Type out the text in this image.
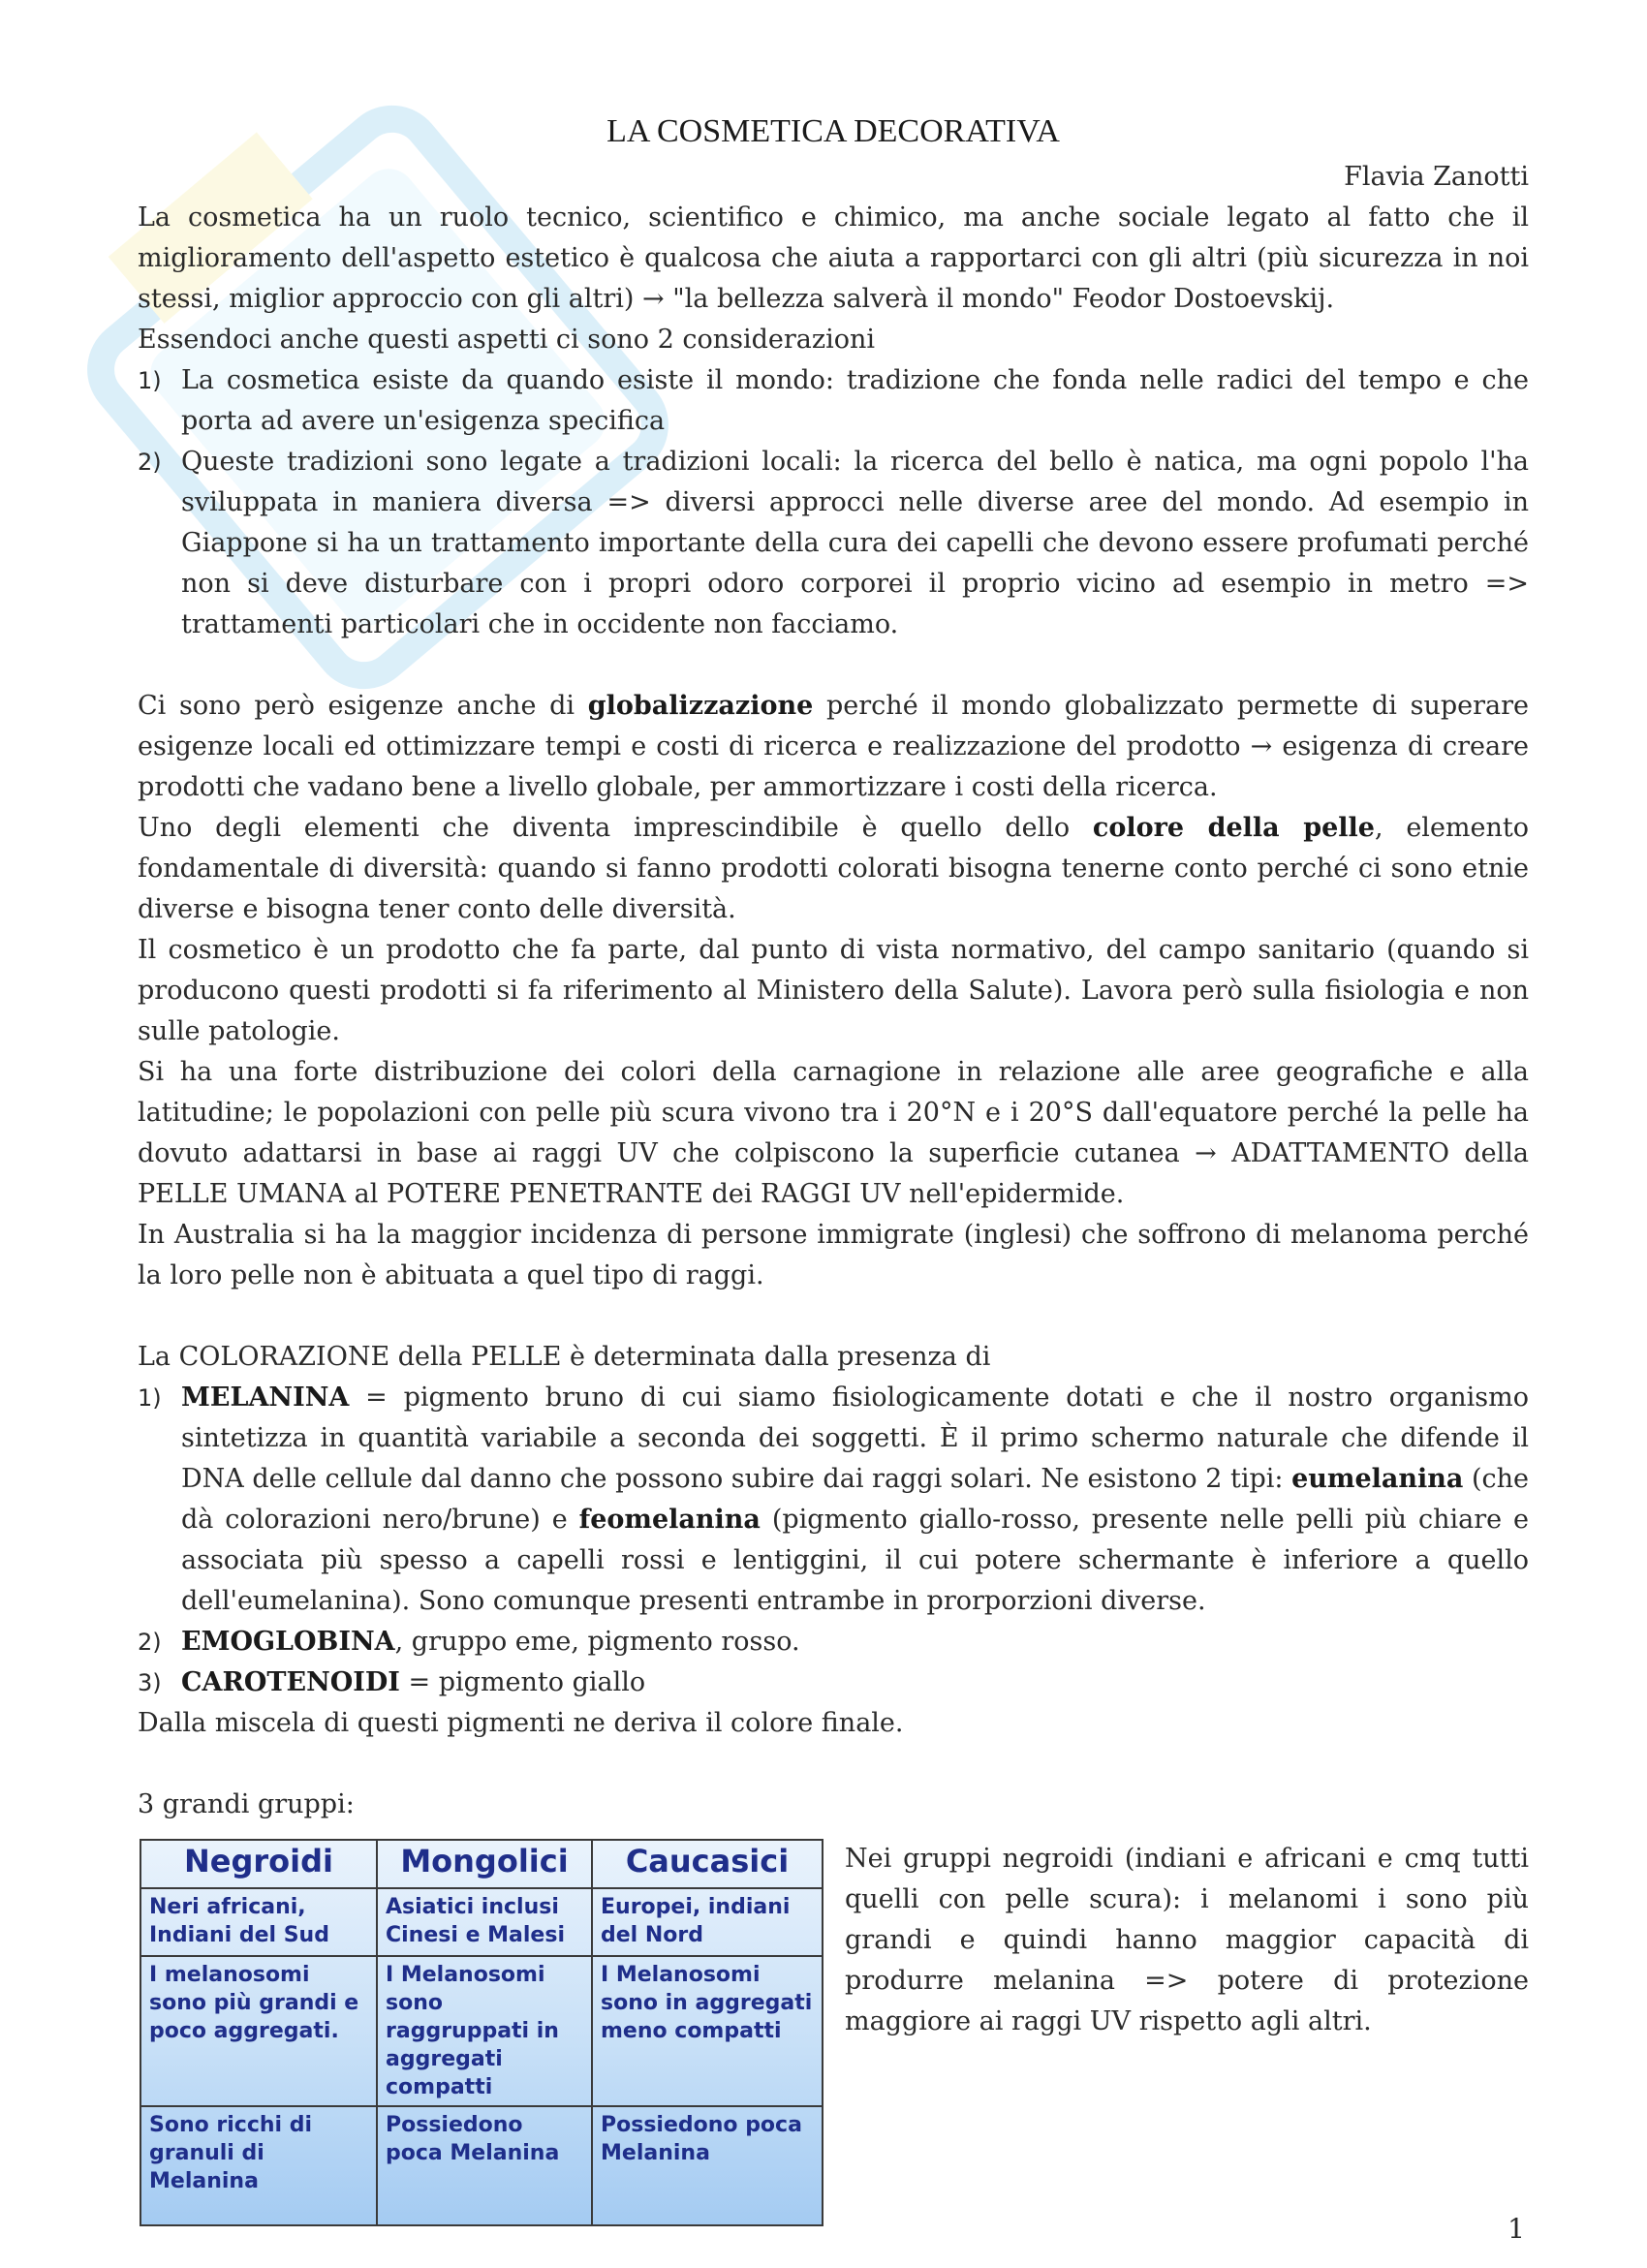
LA COSMETICA DECORATIVA

Flavia Zanotti

La cosmetica ha un ruolo tecnico, scientifico e chimico, ma anche sociale legato al fatto che il miglioramento dell'aspetto estetico è qualcosa che aiuta a rapportarci con gli altri (più sicurezza in noi stessi, miglior approccio con gli altri) → "la bellezza salverà il mondo" Feodor Dostoevskij.

Essendoci anche questi aspetti ci sono 2 considerazioni

1) La cosmetica esiste da quando esiste il mondo: tradizione che fonda nelle radici del tempo e che porta ad avere un'esigenza specifica
2) Queste tradizioni sono legate a tradizioni locali: la ricerca del bello è natica, ma ogni popolo l'ha sviluppata in maniera diversa => diversi approcci nelle diverse aree del mondo. Ad esempio in Giappone si ha un trattamento importante della cura dei capelli che devono essere profumati perché non si deve disturbare con i propri odoro corporei il proprio vicino ad esempio in metro => trattamenti particolari che in occidente non facciamo.

Ci sono però esigenze anche di globalizzazione perché il mondo globalizzato permette di superare esigenze locali ed ottimizzare tempi e costi di ricerca e realizzazione del prodotto → esigenza di creare prodotti che vadano bene a livello globale, per ammortizzare i costi della ricerca.

Uno degli elementi che diventa imprescindibile è quello dello colore della pelle, elemento fondamentale di diversità: quando si fanno prodotti colorati bisogna tenerne conto perché ci sono etnie diverse e bisogna tener conto delle diversità.

Il cosmetico è un prodotto che fa parte, dal punto di vista normativo, del campo sanitario (quando si producono questi prodotti si fa riferimento al Ministero della Salute). Lavora però sulla fisiologia e non sulle patologie.

Si ha una forte distribuzione dei colori della carnagione in relazione alle aree geografiche e alla latitudine; le popolazioni con pelle più scura vivono tra i 20°N e i 20°S dall'equatore perché la pelle ha dovuto adattarsi in base ai raggi UV che colpiscono la superficie cutanea → ADATTAMENTO della PELLE UMANA al POTERE PENETRANTE dei RAGGI UV nell'epidermide.

In Australia si ha la maggior incidenza di persone immigrate (inglesi) che soffrono di melanoma perché la loro pelle non è abituata a quel tipo di raggi.

La COLORAZIONE della PELLE è determinata dalla presenza di

1) MELANINA = pigmento bruno di cui siamo fisiologicamente dotati e che il nostro organismo sintetizza in quantità variabile a seconda dei soggetti. È il primo schermo naturale che difende il DNA delle cellule dal danno che possono subire dai raggi solari. Ne esistono 2 tipi: eumelanina (che dà colorazioni nero/brune) e feomelanina (pigmento giallo-rosso, presente nelle pelli più chiare e associata più spesso a capelli rossi e lentiggini, il cui potere schermante è inferiore a quello dell'eumelanina). Sono comunque presenti entrambe in prorporzioni diverse.
2) EMOGLOBINA, gruppo eme, pigmento rosso.
3) CAROTENOIDI = pigmento giallo

Dalla miscela di questi pigmenti ne deriva il colore finale.

3 grandi gruppi:

Negroidi	Mongolici	Caucasici
Neri africani, Indiani del Sud	Asiatici inclusi Cinesi e Malesi	Europei, indiani del Nord
I melanosomi sono più grandi e poco aggregati.	I Melanosomi sono raggruppati in aggregati compatti	I Melanosomi sono in aggregati meno compatti
Sono ricchi di granuli di Melanina	Possiedono poca Melanina	Possiedono poca Melanina

Nei gruppi negroidi (indiani e africani e cmq tutti quelli con pelle scura): i melanomi i sono più grandi e quindi hanno maggior capacità di produrre melanina => potere di protezione maggiore ai raggi UV rispetto agli altri.

1
